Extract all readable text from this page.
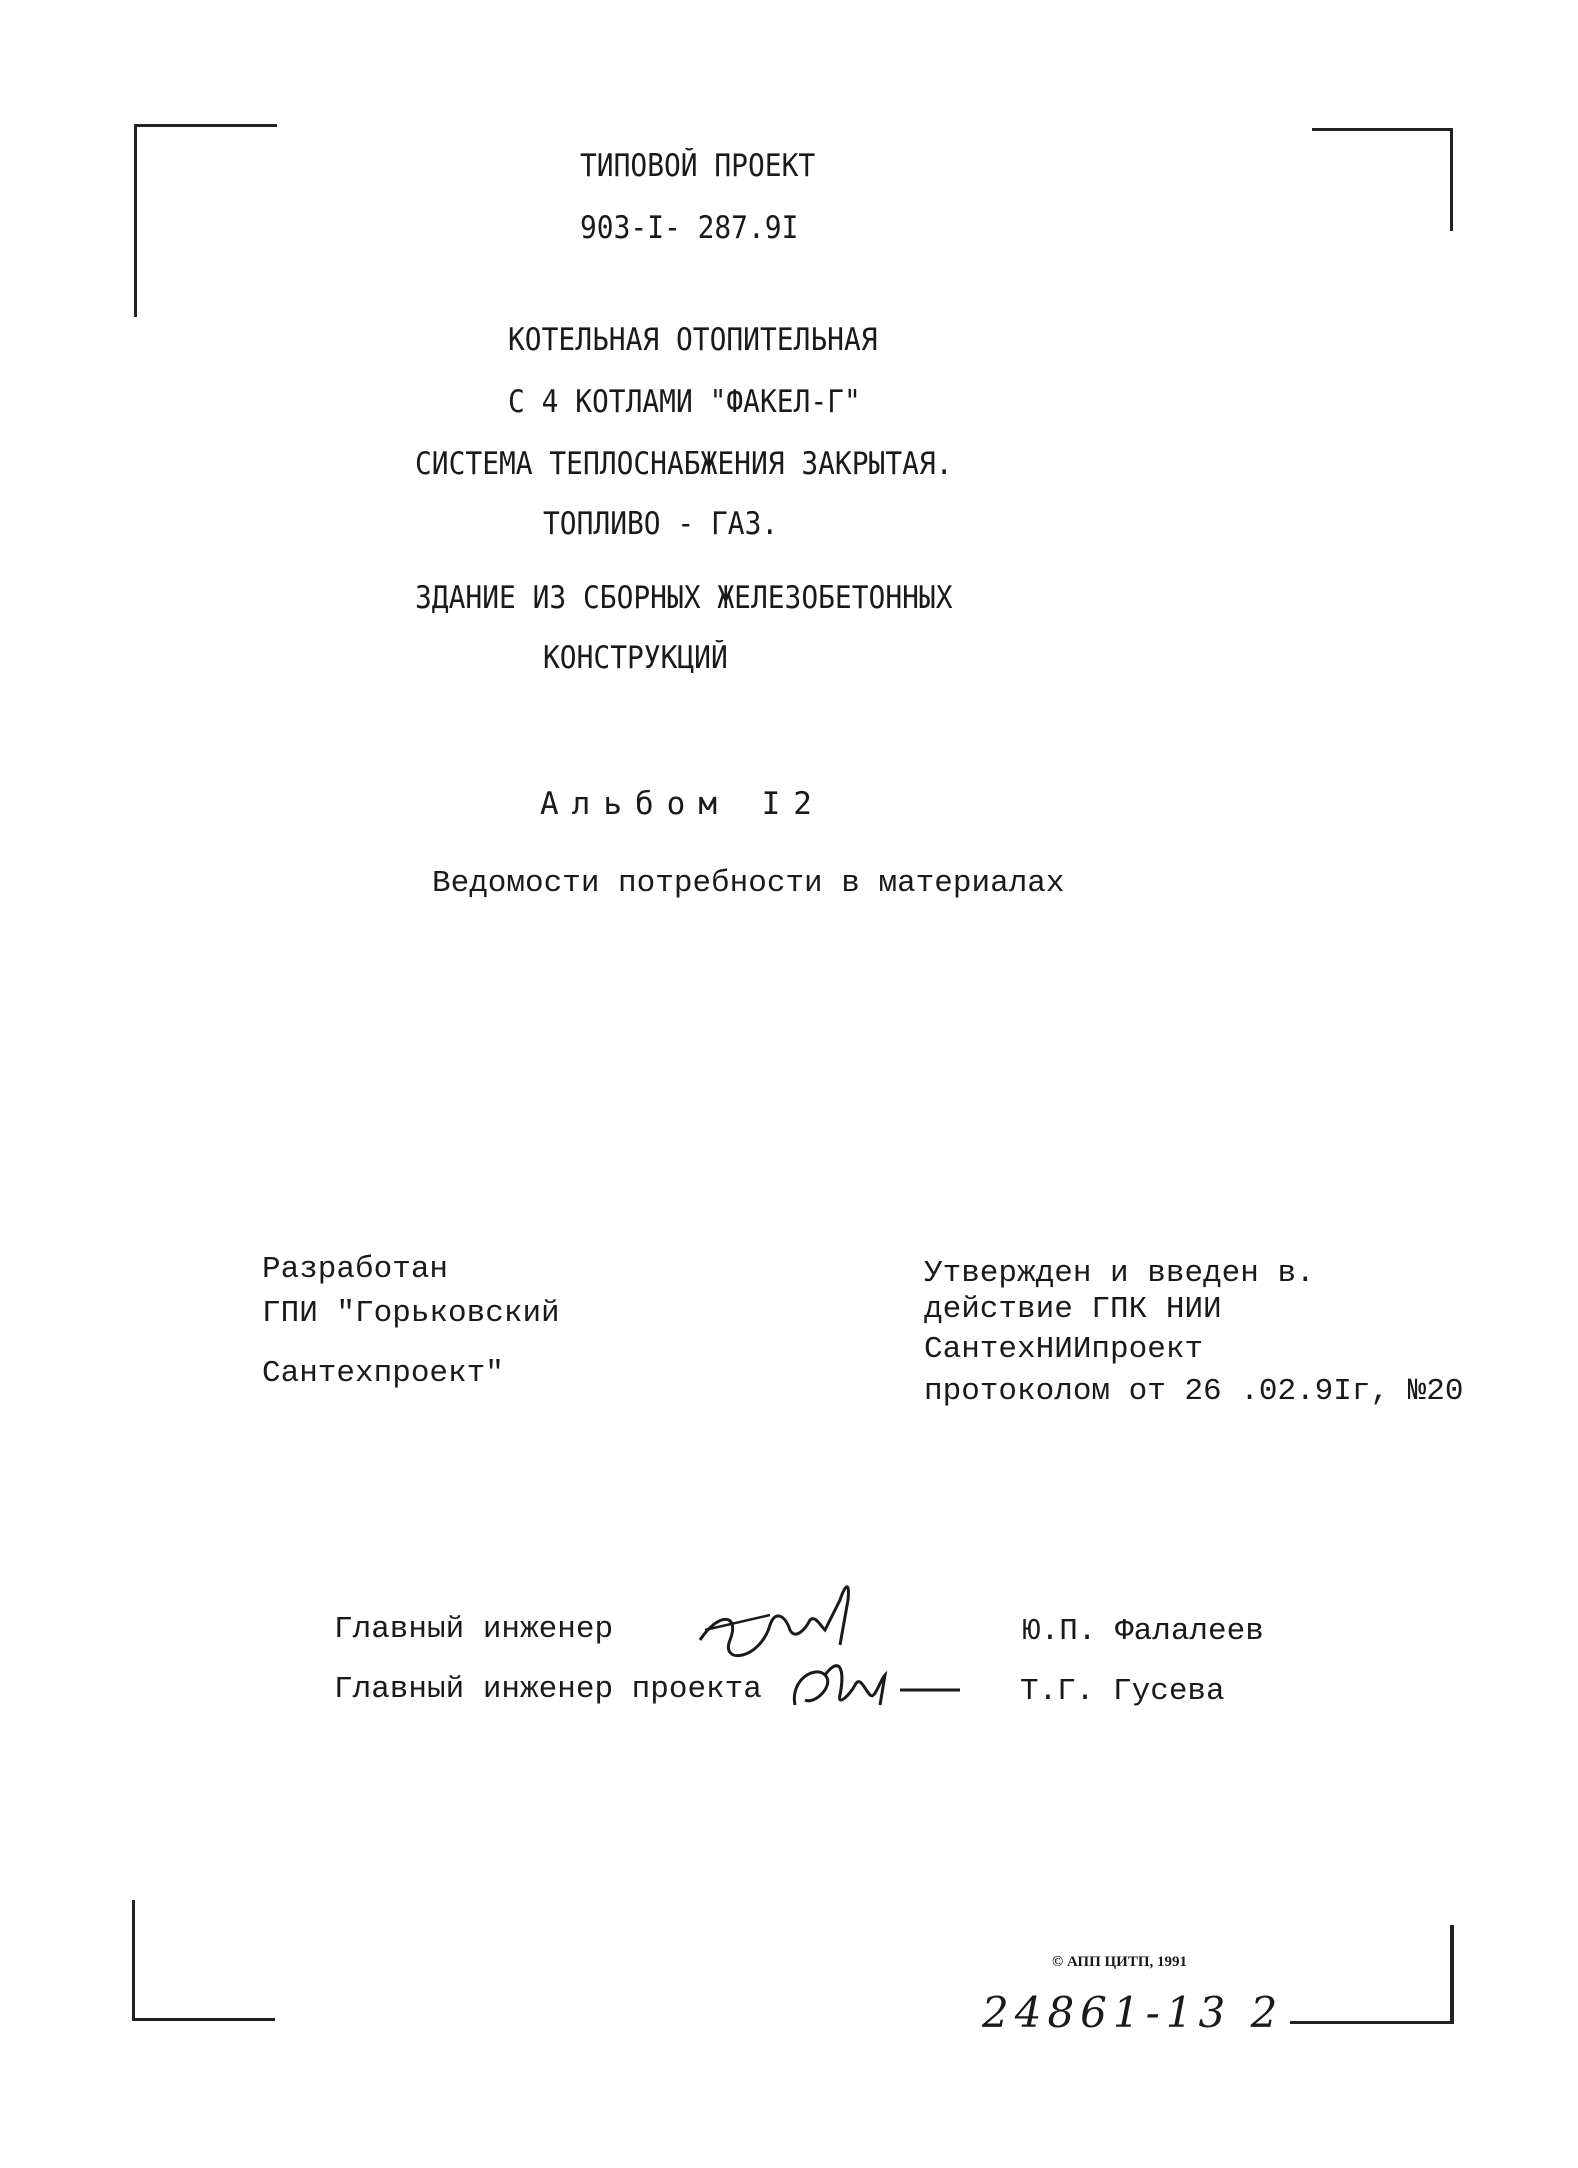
ТИПОВОЙ ПРОЕКТ
903-I- 287.9I
КОТЕЛЬНАЯ ОТОПИТЕЛЬНАЯ
С 4 КОТЛАМИ "ФАКЕЛ-Г"
СИСТЕМА ТЕПЛОСНАБЖЕНИЯ ЗАКРЫТАЯ.
ТОПЛИВО - ГАЗ.
ЗДАНИЕ ИЗ СБОРНЫХ ЖЕЛЕЗОБЕТОННЫХ
КОНСТРУКЦИЙ
Альбом I2
Ведомости потребности в материалах
Разработан
ГПИ "Горьковский
Сантехпроект"
Утвержден и введен в.
действие ГПК НИИ
СантехНИИпроект
протоколом от 26 .02.9Iг, №20
Главный инженер	Ю.П. Фалалеев
Главный инженер проекта	Т.Г. Гусева
© АПП ЦИТП, 1991
24861-13 2
